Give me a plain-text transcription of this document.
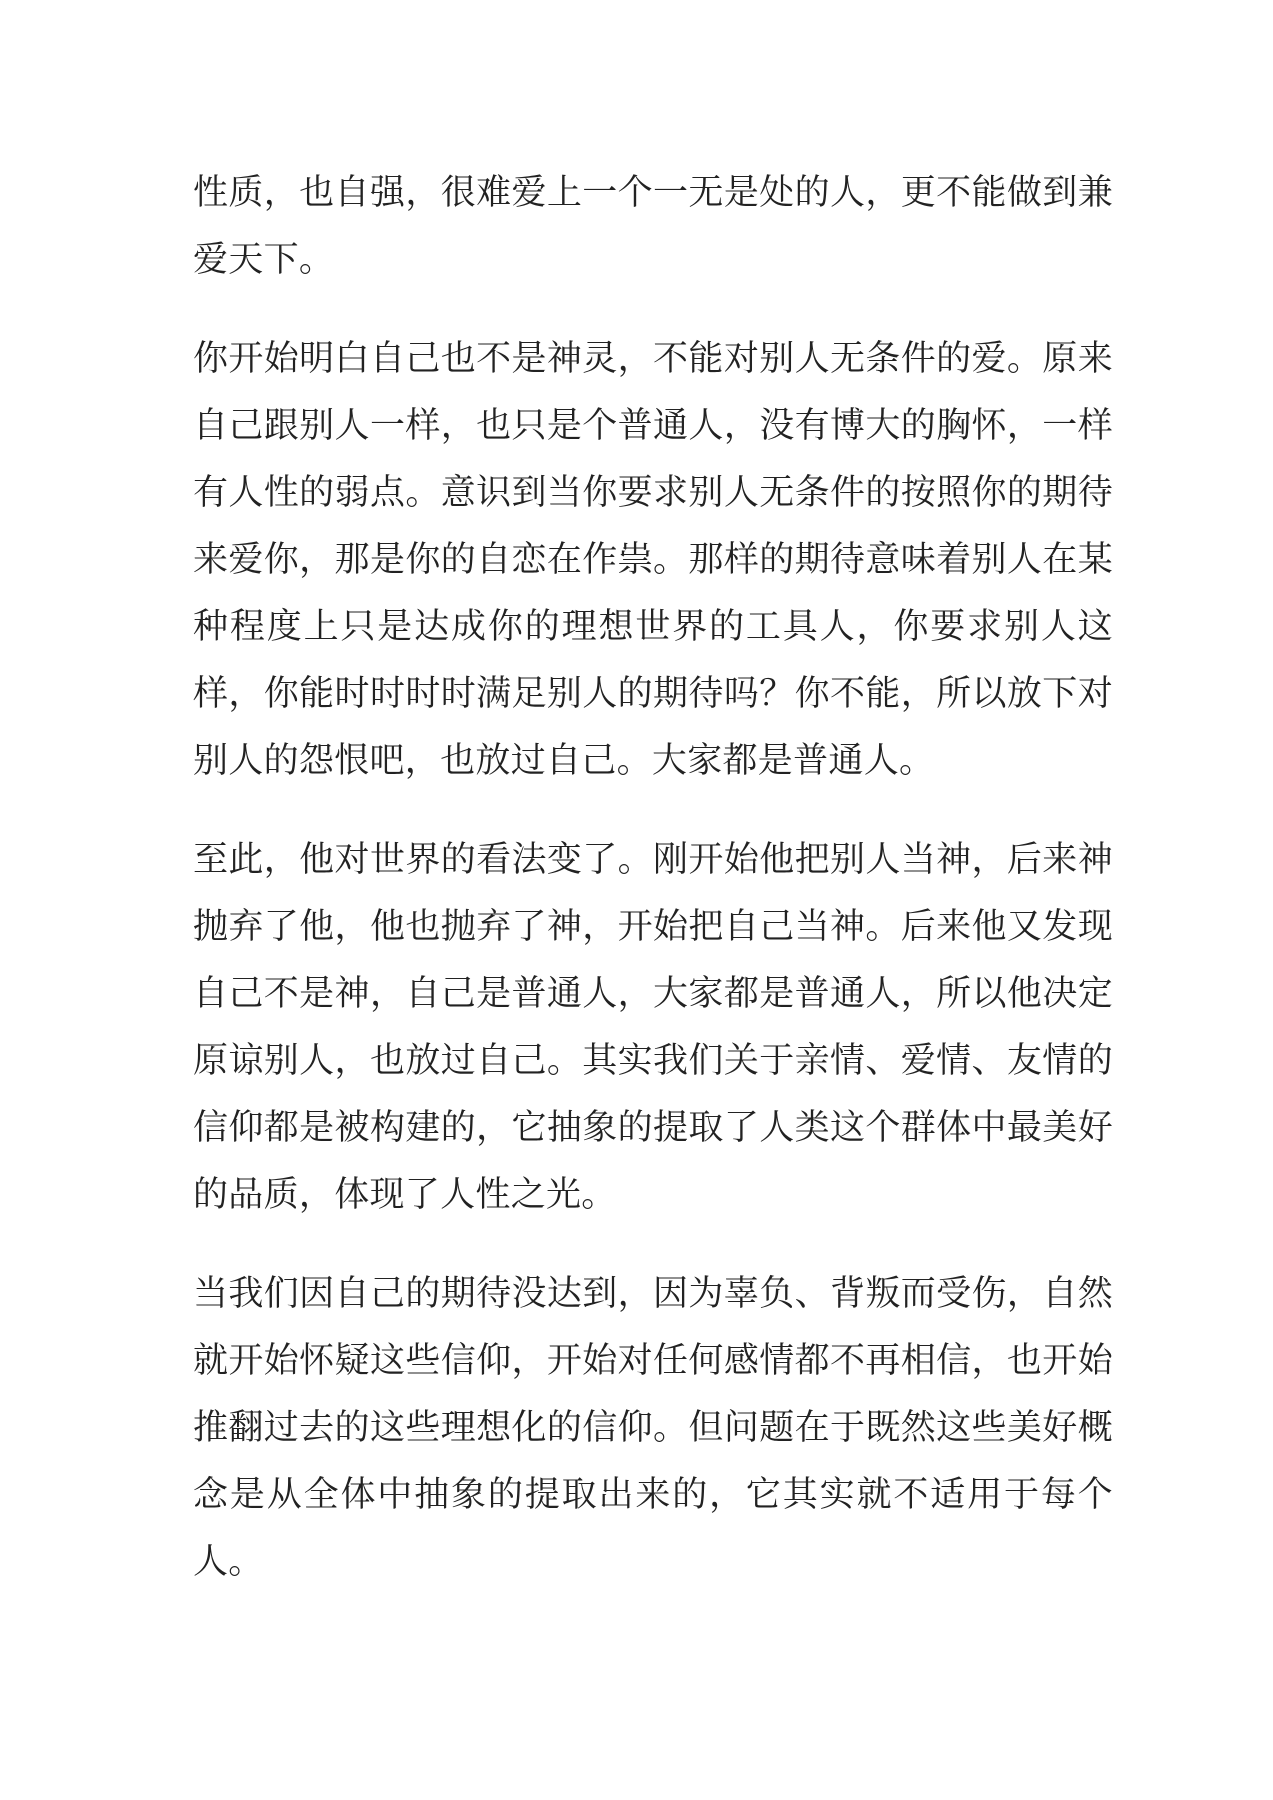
性质，也自强，很难爱上一个一无是处的人，更不能做到兼爱天下。

你开始明白自己也不是神灵，不能对别人无条件的爱。原来自己跟别人一样，也只是个普通人，没有博大的胸怀，一样有人性的弱点。意识到当你要求别人无条件的按照你的期待来爱你，那是你的自恋在作祟。那样的期待意味着别人在某种程度上只是达成你的理想世界的工具人，你要求别人这样，你能时时时时满足别人的期待吗？你不能，所以放下对别人的怨恨吧，也放过自己。大家都是普通人。

至此，他对世界的看法变了。刚开始他把别人当神，后来神抛弃了他，他也抛弃了神，开始把自己当神。后来他又发现自己不是神，自己是普通人，大家都是普通人，所以他决定原谅别人，也放过自己。其实我们关于亲情、爱情、友情的信仰都是被构建的，它抽象的提取了人类这个群体中最美好的品质，体现了人性之光。

当我们因自己的期待没达到，因为辜负、背叛而受伤，自然就开始怀疑这些信仰，开始对任何感情都不再相信，也开始推翻过去的这些理想化的信仰。但问题在于既然这些美好概念是从全体中抽象的提取出来的，它其实就不适用于每个人。
